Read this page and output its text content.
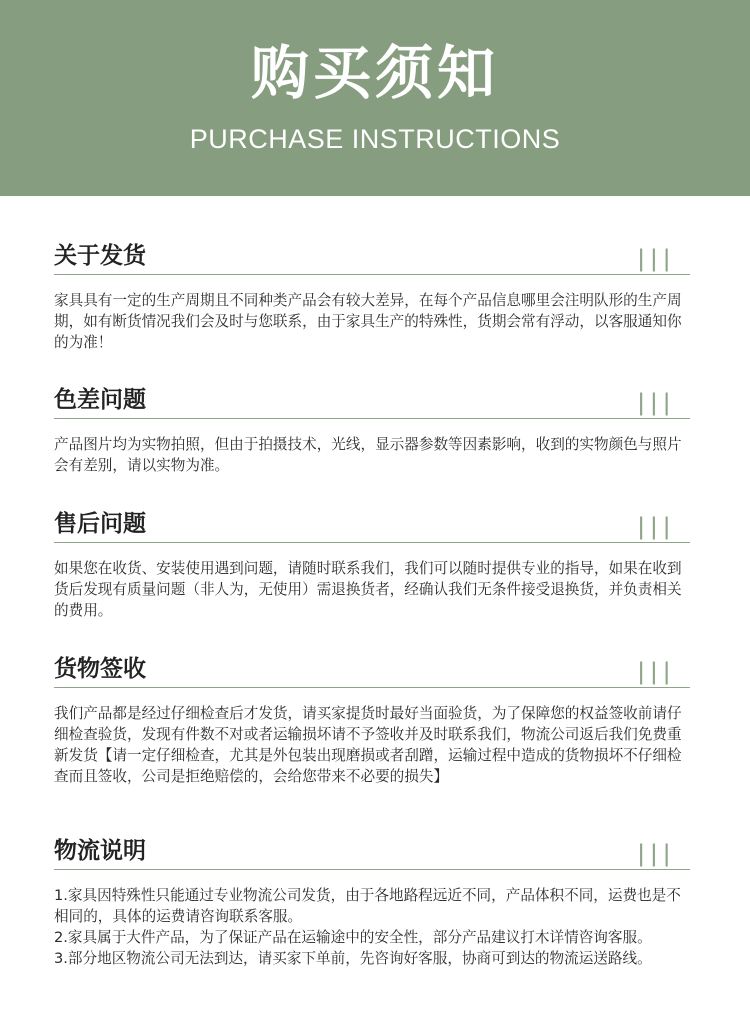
购买须知
PURCHASE INSTRUCTIONS
关于发货	|||

家具具有一定的生产周期且不同种类产品会有较大差异，在每个产品信息哪里会注明队形的生产周期，如有断货情况我们会及时与您联系，由于家具生产的特殊性，货期会常有浮动，以客服通知你的为准！

色差问题	|||

产品图片均为实物拍照，但由于拍摄技术，光线，显示器参数等因素影响，收到的实物颜色与照片会有差别，请以实物为准。

售后问题	|||

如果您在收货、安装使用遇到问题，请随时联系我们，我们可以随时提供专业的指导，如果在收到货后发现有质量问题（非人为，无使用）需退换货者，经确认我们无条件接受退换货，并负责相关的费用。

货物签收	|||

我们产品都是经过仔细检查后才发货，请买家提货时最好当面验货，为了保障您的权益签收前请仔细检查验货，发现有件数不对或者运输损坏请不予签收并及时联系我们，物流公司返后我们免费重新发货【请一定仔细检查，尤其是外包装出现磨损或者刮蹭，运输过程中造成的货物损坏不仔细检查而且签收，公司是拒绝赔偿的，会给您带来不必要的损失】

物流说明	|||

1.家具因特殊性只能通过专业物流公司发货，由于各地路程远近不同，产品体积不同，运费也是不相同的，具体的运费请咨询联系客服。

2.家具属于大件产品，为了保证产品在运输途中的安全性，部分产品建议打木详情咨询客服。

3.部分地区物流公司无法到达，请买家下单前，先咨询好客服，协商可到达的物流运送路线。
